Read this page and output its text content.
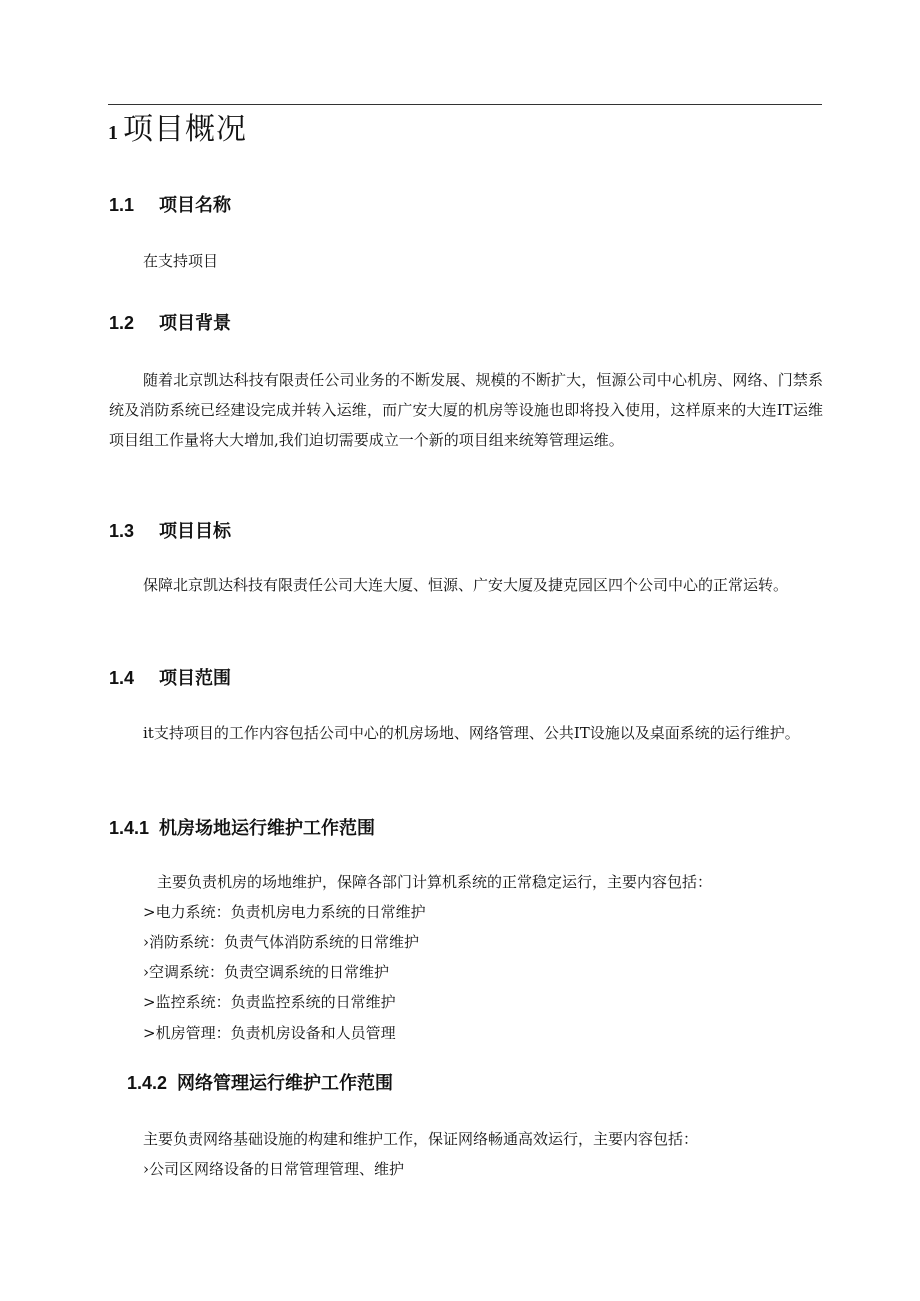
1 项目概况
1.1 项目名称
在支持项目
1.2 项目背景

随着北京凯达科技有限责任公司业务的不断发展、规模的不断扩大，恒源公司中心机房、网络、门禁系统及消防系统已经建设完成并转入运维，而广安大厦的机房等设施也即将投入使用，这样原来的大连IT运维项目组工作量将大大增加,我们迫切需要成立一个新的项目组来统筹管理运维。

1.3 项目目标

保障北京凯达科技有限责任公司大连大厦、恒源、广安大厦及捷克园区四个公司中心的正常运转。

1.4 项目范围

it支持项目的工作内容包括公司中心的机房场地、网络管理、公共IT设施以及桌面系统的运行维护。

1.4.1 机房场地运行维护工作范围
主要负责机房的场地维护，保障各部门计算机系统的正常稳定运行，主要内容包括：
>电力系统：负责机房电力系统的日常维护
›消防系统：负责气体消防系统的日常维护
›空调系统：负责空调系统的日常维护
>监控系统：负责监控系统的日常维护
>机房管理：负责机房设备和人员管理
1.4.2 网络管理运行维护工作范围
主要负责网络基础设施的构建和维护工作，保证网络畅通高效运行，主要内容包括：
›公司区网络设备的日常管理管理、维护
